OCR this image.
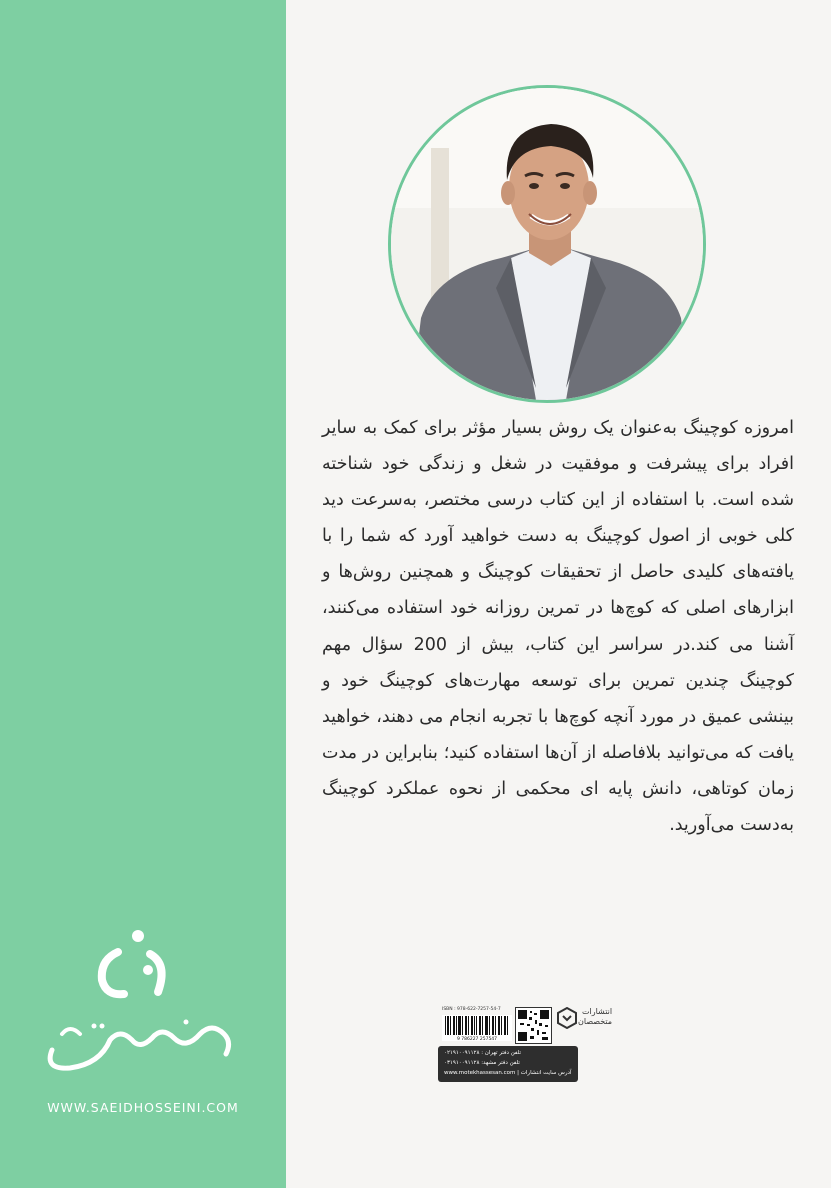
امروزه کوچینگ به‌عنوان یک روش بسیار مؤثر برای کمک به سایر افراد برای پیشرفت و موفقیت در شغل و زندگی خود شناخته شده است. با استفاده از این کتاب درسی مختصر، به‌سرعت دید کلی خوبی از اصول کوچینگ به دست خواهید آورد که شما را با یافته‌های کلیدی حاصل از تحقیقات کوچینگ و همچنین روش‌ها و ابزارهای اصلی که کوچ‌ها در تمرین روزانه خود استفاده می‌کنند، آشنا می کند.در سراسر این کتاب، بیش از 200 سؤال مهم کوچینگ چندین تمرین برای توسعه مهارت‌های کوچینگ خود و بینشی عمیق در مورد آنچه کوچ‌ها با تجربه انجام می دهند، خواهید یافت که می‌توانید بلافاصله از آن‌ها استفاده کنید؛ بنابراین در مدت زمان کوتاهی، دانش پایه ای محکمی از نحوه عملکرد کوچینگ به‌دست می‌آورید.
WWW.SAEIDHOSSEINI.COM
ISBN : 978-622-7257-54-7
9 786227 257547
انتشارات
متخصصان
تلفن دفتر تهران : ۰۲۱۹۱۰۰۹۱۱۲۸
تلفن دفتر مشهد: ۰۳۱۹۱۰۰۹۱۱۲۸
آدرس سایت انتشارات | www.motekhassesan.com
